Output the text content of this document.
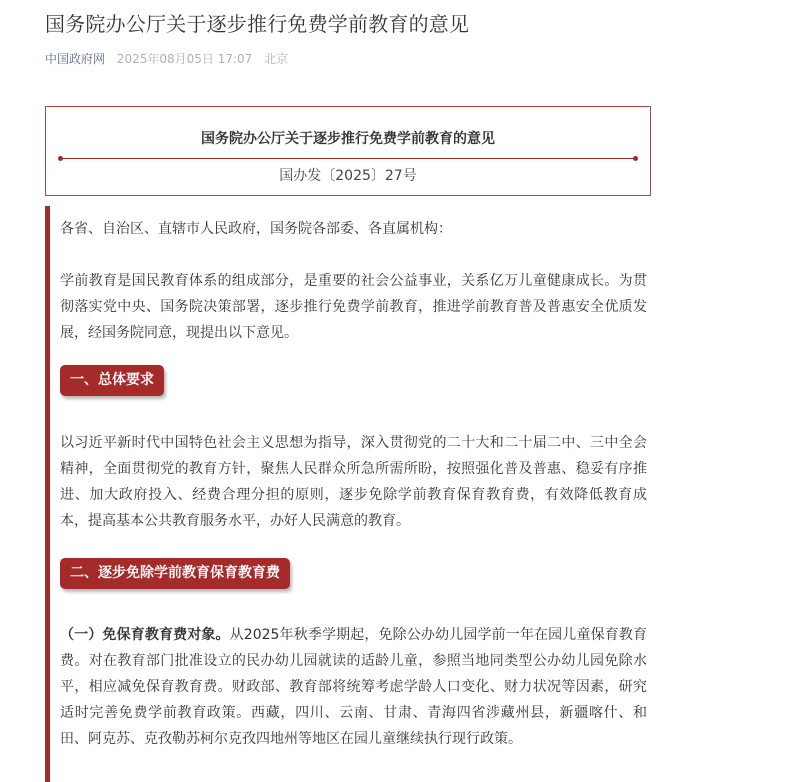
国务院办公厅关于逐步推行免费学前教育的意见
中国政府网 2025年08月05日 17:07 北京
国务院办公厅关于逐步推行免费学前教育的意见
国办发〔2025〕27号

各省、自治区、直辖市人民政府，国务院各部委、各直属机构：

学前教育是国民教育体系的组成部分，是重要的社会公益事业，关系亿万儿童健康成长。为贯彻落实党中央、国务院决策部署，逐步推行免费学前教育，推进学前教育普及普惠安全优质发展，经国务院同意，现提出以下意见。

一、总体要求

以习近平新时代中国特色社会主义思想为指导，深入贯彻党的二十大和二十届二中、三中全会精神，全面贯彻党的教育方针，聚焦人民群众所急所需所盼，按照强化普及普惠、稳妥有序推进、加大政府投入、经费合理分担的原则，逐步免除学前教育保育教育费，有效降低教育成本，提高基本公共教育服务水平，办好人民满意的教育。

二、逐步免除学前教育保育教育费

（一）免保育教育费对象。从2025年秋季学期起，免除公办幼儿园学前一年在园儿童保育教育费。对在教育部门批准设立的民办幼儿园就读的适龄儿童，参照当地同类型公办幼儿园免除水平，相应减免保育教育费。财政部、教育部将统筹考虑学龄人口变化、财力状况等因素，研究适时完善免费学前教育政策。西藏，四川、云南、甘肃、青海四省涉藏州县，新疆喀什、和田、阿克苏、克孜勒苏柯尔克孜四地州等地区在园儿童继续执行现行政策。
